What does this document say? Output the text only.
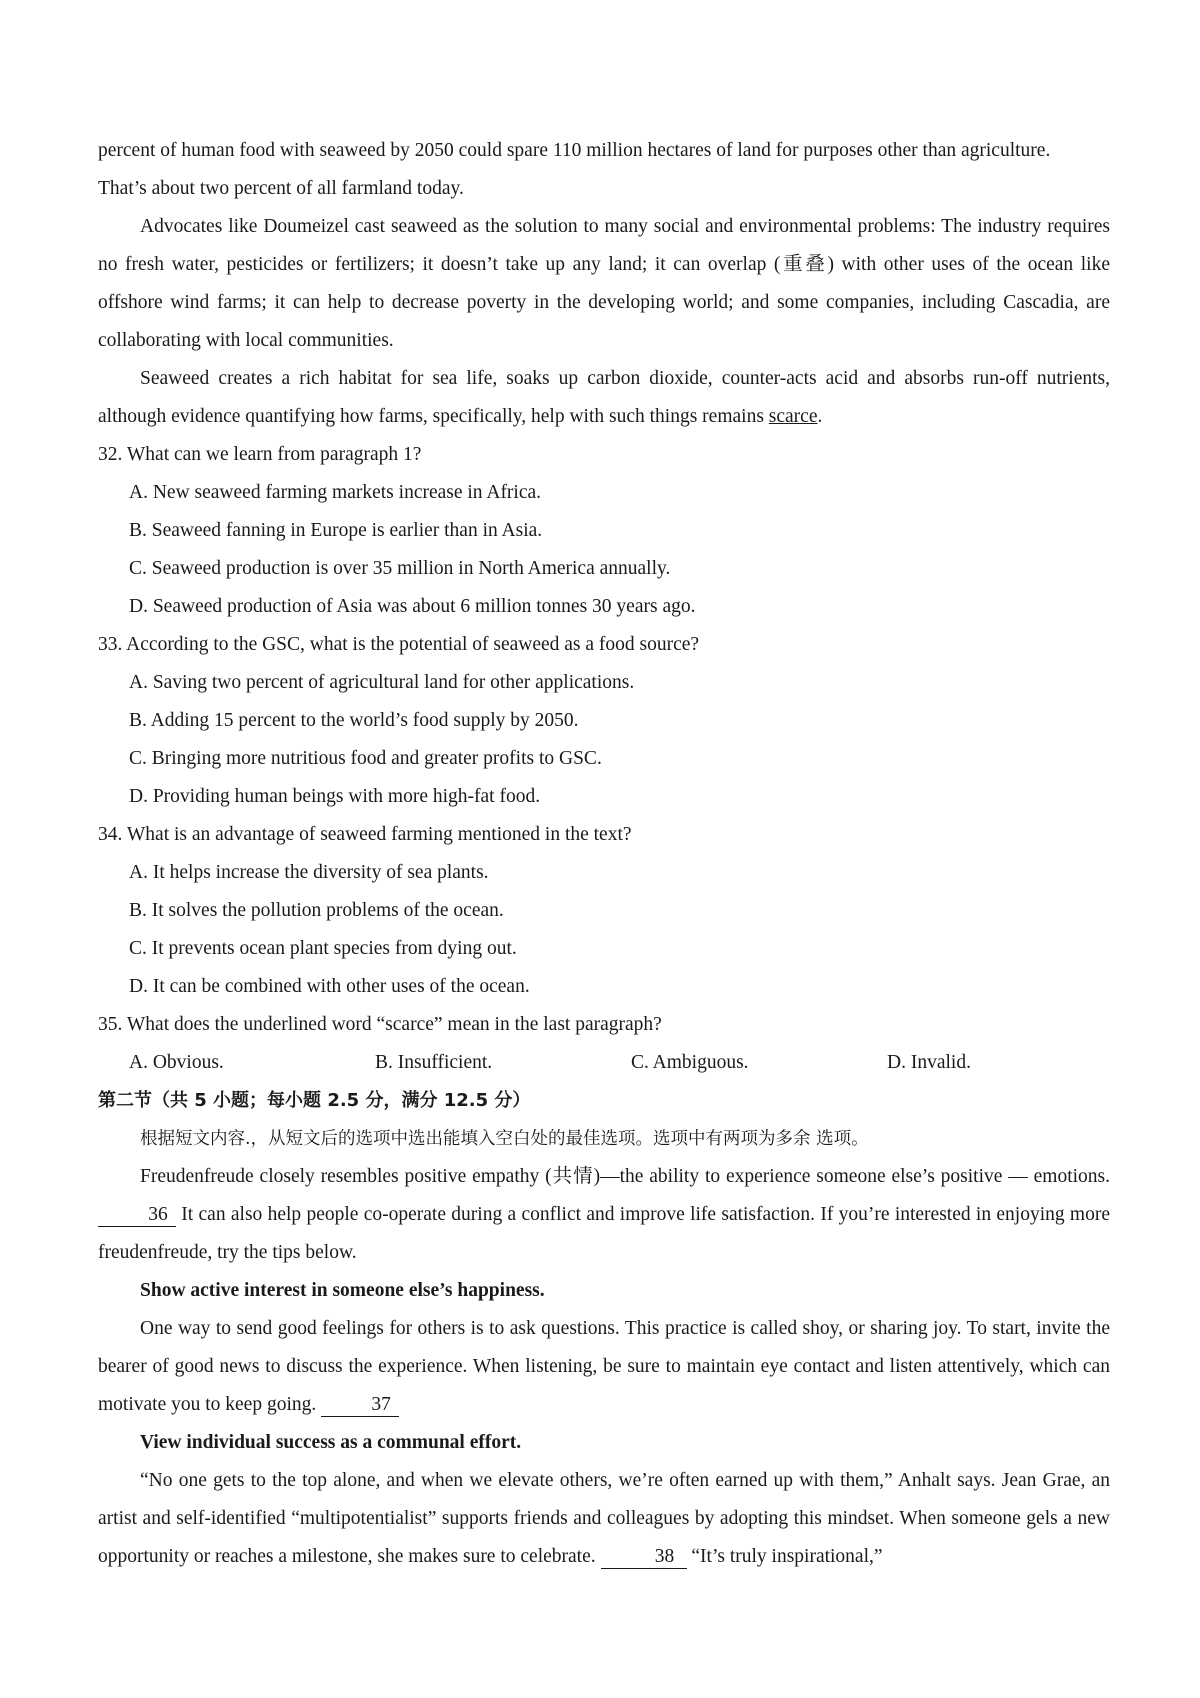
percent of human food with seaweed by 2050 could spare 110 million hectares of land for purposes other than agriculture.
That’s about two percent of all farmland today.

Advocates like Doumeizel cast seaweed as the solution to many social and environmental problems: The industry requires no fresh water, pesticides or fertilizers; it doesn’t take up any land; it can overlap (重叠) with other uses of the ocean like offshore wind farms; it can help to decrease poverty in the developing world; and some companies, including Cascadia, are collaborating with local communities.

Seaweed creates a rich habitat for sea life, soaks up carbon dioxide, counter-acts acid and absorbs run-off nutrients, although evidence quantifying how farms, specifically, help with such things remains scarce.

32. What can we learn from paragraph 1?

A. New seaweed farming markets increase in Africa.

B. Seaweed fanning in Europe is earlier than in Asia.

C. Seaweed production is over 35 million in North America annually.

D. Seaweed production of Asia was about 6 million tonnes 30 years ago.

33. According to the GSC, what is the potential of seaweed as a food source?

A. Saving two percent of agricultural land for other applications.

B. Adding 15 percent to the world’s food supply by 2050.

C. Bringing more nutritious food and greater profits to GSC.

D. Providing human beings with more high-fat food.

34. What is an advantage of seaweed farming mentioned in the text?

A. It helps increase the diversity of sea plants.

B. It solves the pollution problems of the ocean.

C. It prevents ocean plant species from dying out.

D. It can be combined with other uses of the ocean.

35. What does the underlined word “scarce” mean in the last paragraph?

A. Obvious.	B. Insufficient.	C. Ambiguous.	D. Invalid.

第二节（共 5 小题；每小题 2.5 分，满分 12.5 分）

根据短文内容.，从短文后的选项中选出能填入空白处的最佳选项。选项中有两项为多余 选项。

Freudenfreude closely resembles positive empathy (共情)—the ability to experience someone else’s positive — emotions. 36 It can also help people co-operate during a conflict and improve life satisfaction. If you’re interested in enjoying more freudenfreude, try the tips below.

Show active interest in someone else’s happiness.

One way to send good feelings for others is to ask questions. This practice is called shoy, or sharing joy. To start, invite the bearer of good news to discuss the experience. When listening, be sure to maintain eye contact and listen attentively, which can motivate you to keep going.	37

View individual success as a communal effort.

“No one gets to the top alone, and when we elevate others, we’re often earned up with them,” Anhalt says. Jean Grae, an artist and self-identified “multipotentialist” supports friends and colleagues by adopting this mindset. When someone gels a new opportunity or reaches a milestone, she makes sure to celebrate.	38 “It’s truly inspirational,”
